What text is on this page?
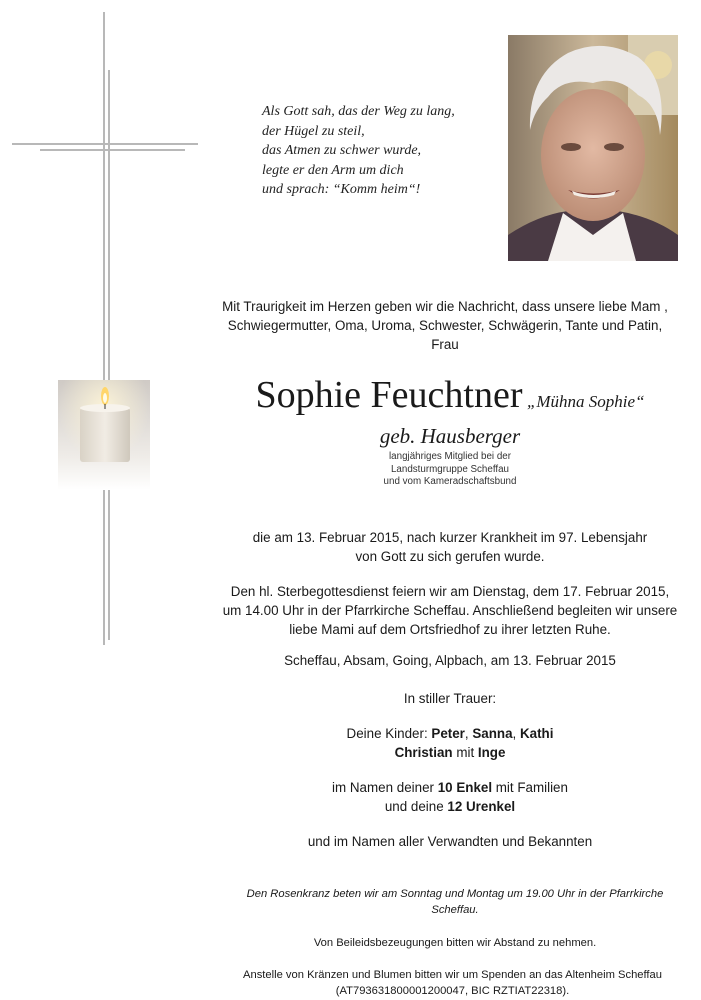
Als Gott sah, das der Weg zu lang,
der Hügel zu steil,
das Atmen zu schwer wurde,
legte er den Arm um dich
und sprach: “Komm heim“!
Mit Traurigkeit im Herzen geben wir die Nachricht, dass unsere liebe Mam ,
Schwiegermutter, Oma, Uroma, Schwester, Schwägerin, Tante und Patin,
Frau
Sophie Feuchtner „Mühna Sophie“
geb. Hausberger
langjähriges Mitglied bei der
Landsturmgruppe Scheffau
und vom Kameradschaftsbund
die am 13. Februar 2015, nach kurzer Krankheit im 97. Lebensjahr
von Gott zu sich gerufen wurde.
Den hl. Sterbegottesdienst feiern wir am Dienstag, dem 17. Februar 2015,
um 14.00 Uhr in der Pfarrkirche Scheffau. Anschließend begleiten wir unsere
liebe Mami auf dem Ortsfriedhof zu ihrer letzten Ruhe.
Scheffau, Absam, Going, Alpbach, am 13. Februar 2015
In stiller Trauer:
Deine Kinder: Peter, Sanna, Kathi
Christian mit Inge
im Namen deiner 10 Enkel mit Familien
und deine 12 Urenkel
und im Namen aller Verwandten und Bekannten
Den Rosenkranz beten wir am Sonntag und Montag um 19.00 Uhr in der Pfarrkirche
Scheffau.
Von Beileidsbezeugungen bitten wir Abstand zu nehmen.
Anstelle von Kränzen und Blumen bitten wir um Spenden an das Altenheim Scheffau
(AT793631800001200047, BIC RZTIAT22318).
